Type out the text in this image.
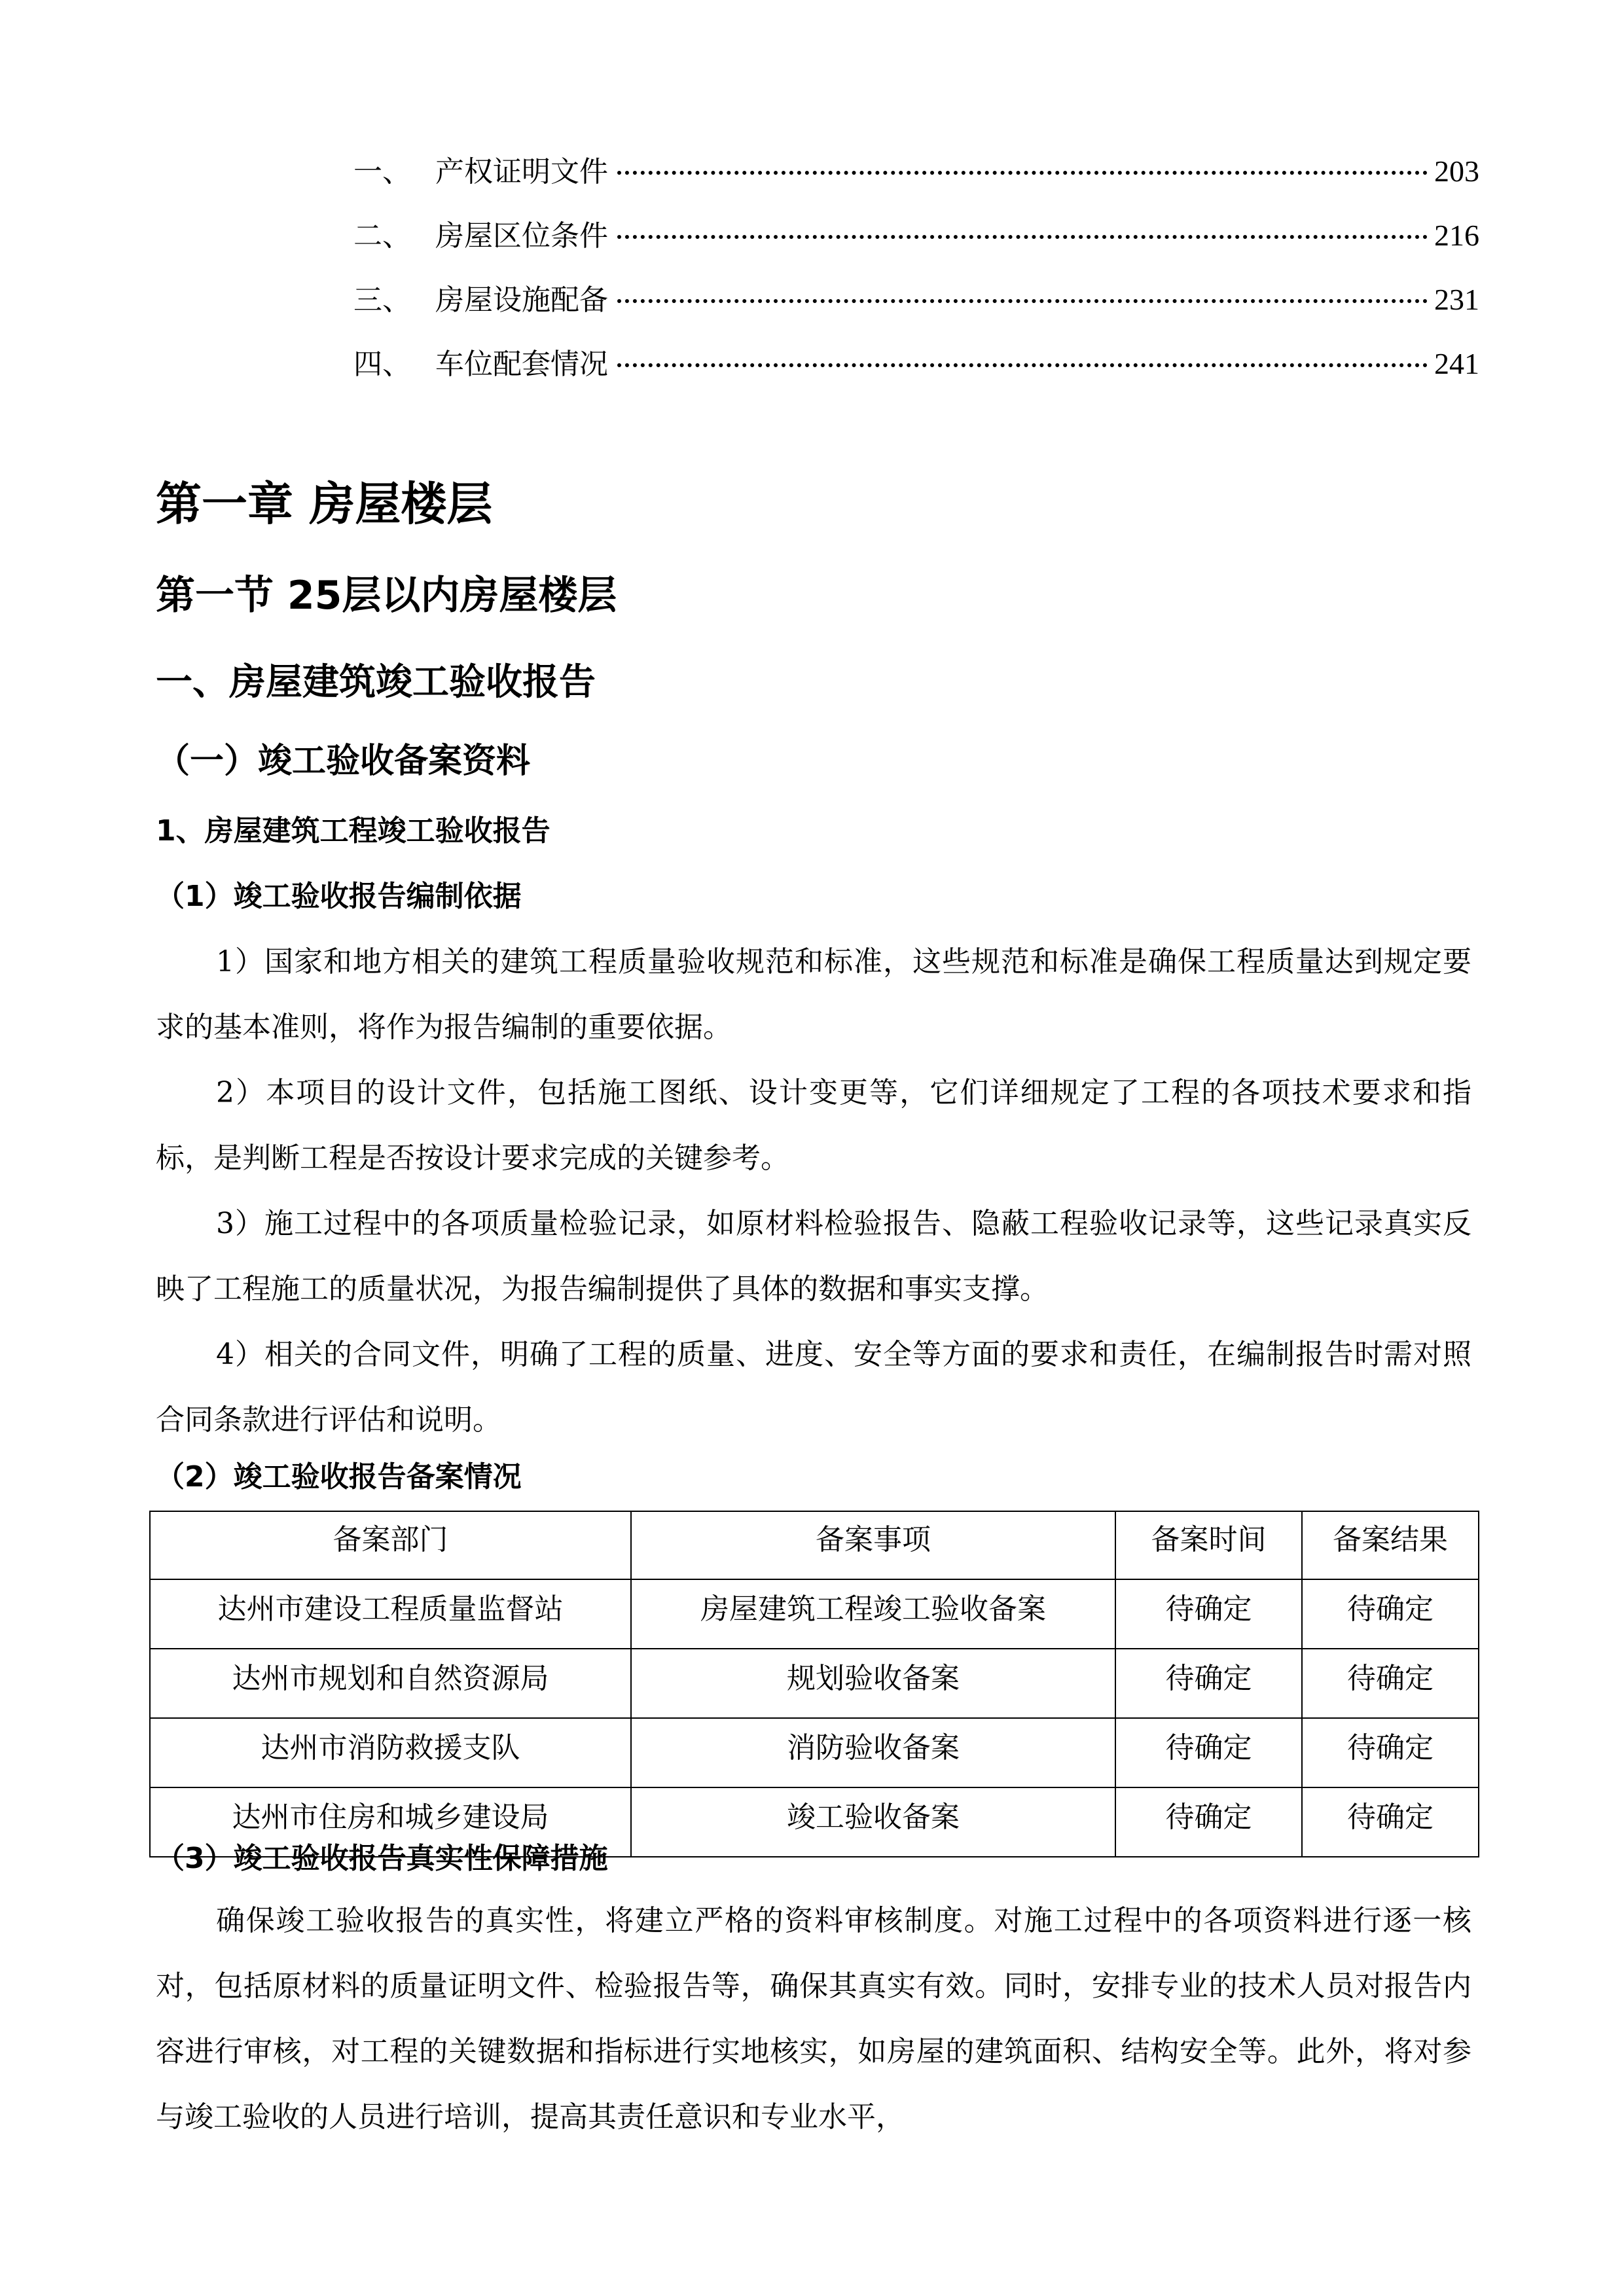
一、 产权证明文件	203
二、 房屋区位条件	216
三、 房屋设施配备	231
四、 车位配套情况	241
第一章 房屋楼层
第一节 25层以内房屋楼层
一、房屋建筑竣工验收报告
（一）竣工验收备案资料
1、房屋建筑工程竣工验收报告
（1）竣工验收报告编制依据

1）国家和地方相关的建筑工程质量验收规范和标准，这些规范和标准是确保工程质量达到规定要求的基本准则，将作为报告编制的重要依据。

2）本项目的设计文件，包括施工图纸、设计变更等，它们详细规定了工程的各项技术要求和指标，是判断工程是否按设计要求完成的关键参考。

3）施工过程中的各项质量检验记录，如原材料检验报告、隐蔽工程验收记录等，这些记录真实反映了工程施工的质量状况，为报告编制提供了具体的数据和事实支撑。

4）相关的合同文件，明确了工程的质量、进度、安全等方面的要求和责任，在编制报告时需对照合同条款进行评估和说明。

（2）竣工验收报告备案情况
备案部门	备案事项	备案时间	备案结果
达州市建设工程质量监督站	房屋建筑工程竣工验收备案	待确定	待确定
达州市规划和自然资源局	规划验收备案	待确定	待确定
达州市消防救援支队	消防验收备案	待确定	待确定
达州市住房和城乡建设局	竣工验收备案	待确定	待确定
（3）竣工验收报告真实性保障措施

确保竣工验收报告的真实性，将建立严格的资料审核制度。对施工过程中的各项资料进行逐一核对，包括原材料的质量证明文件、检验报告等，确保其真实有效。同时，安排专业的技术人员对报告内容进行审核，对工程的关键数据和指标进行实地核实，如房屋的建筑面积、结构安全等。此外，将对参与竣工验收的人员进行培训，提高其责任意识和专业水平，
